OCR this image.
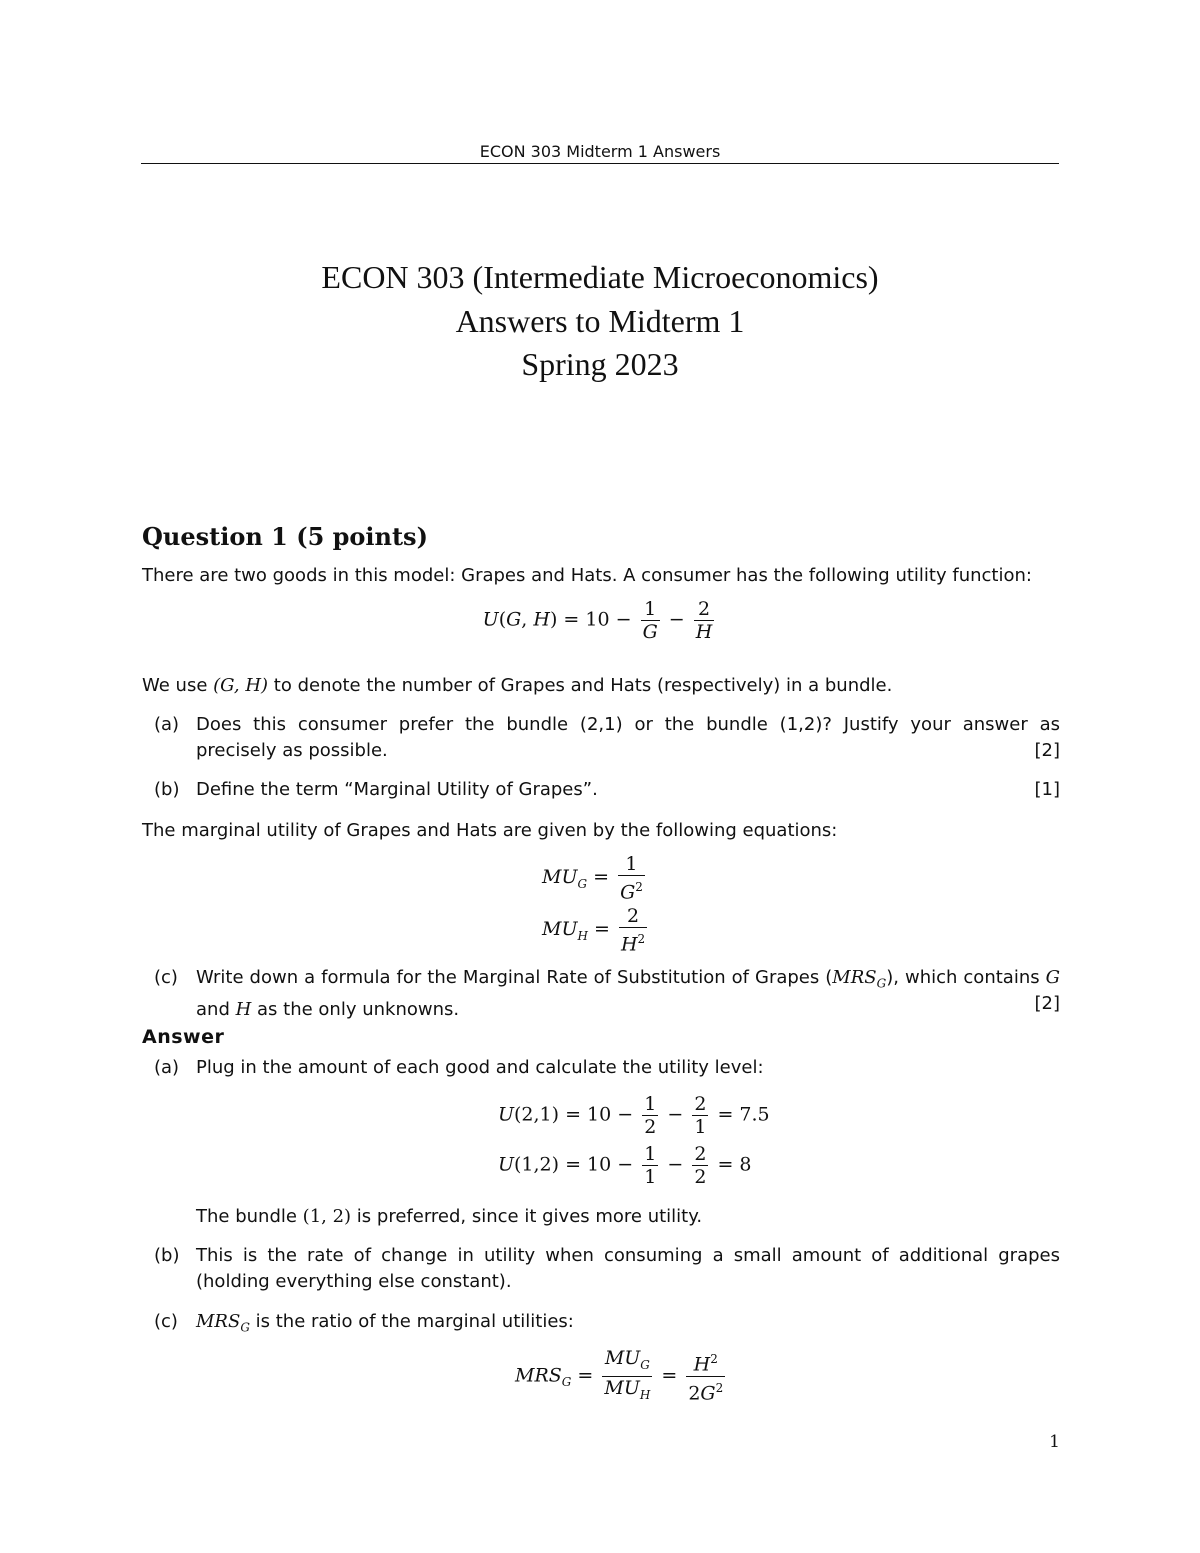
ECON 303 Midterm 1 Answers
ECON 303 (Intermediate Microeconomics)
Answers to Midterm 1
Spring 2023
Question 1 (5 points)
There are two goods in this model: Grapes and Hats. A consumer has the following utility function:
U(G, $H) = 10 - \frac{1}{G} - \frac{2}{H}$
We use (G, H) to denote the number of Grapes and Hats (respectively) in a bundle.
(a) Does this consumer prefer the bundle (2,1) or the bundle (1,2)? Justify your answer as precisely as possible.	[2]
(b) Define the term “Marginal Utility of Grapes”.	[1]
The marginal utility of Grapes and Hats are given by the following equations:
$MU_G = \frac{1}{G^2}$
$MU_H = \frac{2}{H^2}$
(c) Write down a formula for the Marginal Rate of Substitution of Grapes $(MRS_G)$, which contains G and H as the only unknowns.	[2]
Answer
(a) Plug in the amount of each good and calculate the utility level:
$U(2,1) = 10 - \frac{1}{2} - \frac{2}{1} = 7.5$
$U(1,2) = 10 - \frac{1}{1} - \frac{2}{2} = 8$
The bundle (1, 2) is preferred, since it gives more utility.
(b) This is the rate of change in utility when consuming a small amount of additional grapes (holding everything else constant).
(c) $MRS_G$ is the ratio of the marginal utilities:
$MRS_G = \frac{MU_G}{MU_H} = \frac{H^2}{2G^2}$
1
